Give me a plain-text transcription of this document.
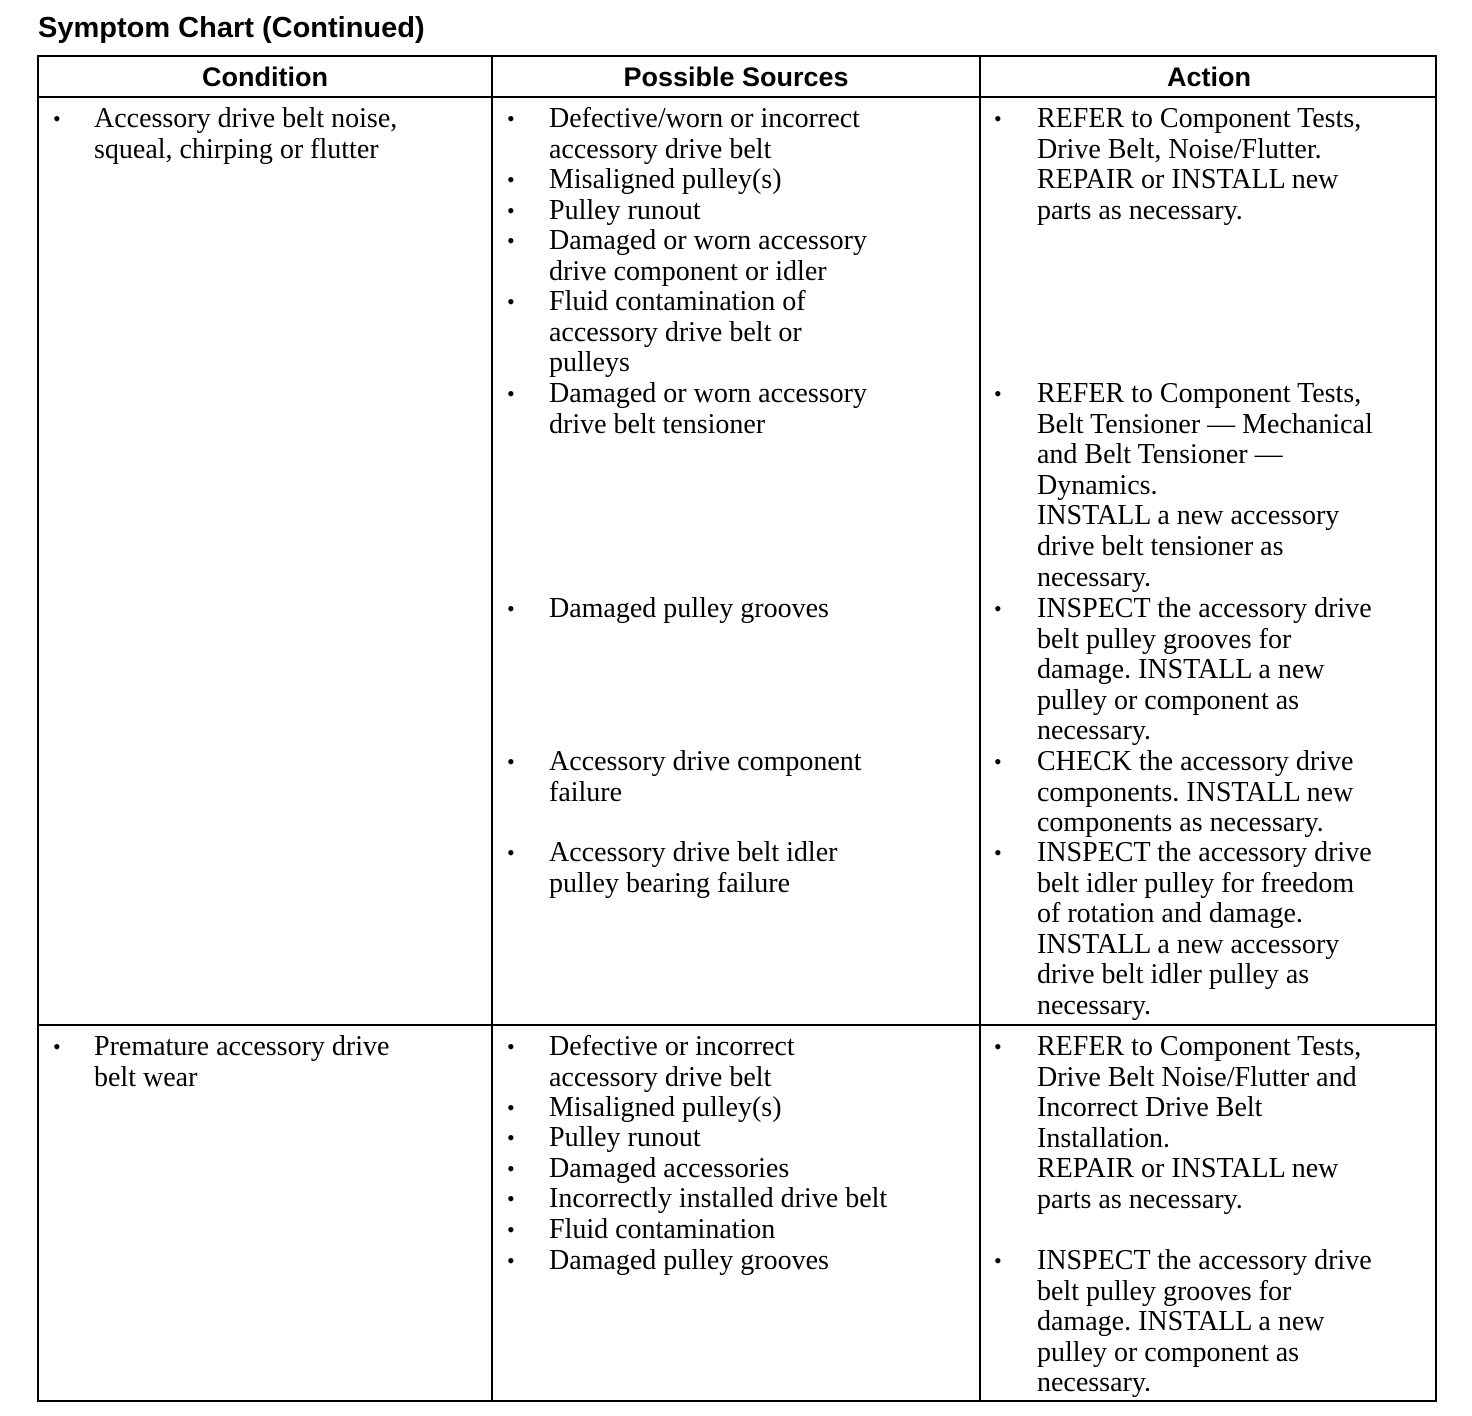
Symptom Chart (Continued)
Condition	Possible Sources	Action
• Accessory drive belt noise,
squeal, chirping or flutter
• Defective/worn or incorrect
accessory drive belt
• Misaligned pulley(s)
• Pulley runout
• Damaged or worn accessory
drive component or idler
• Fluid contamination of
accessory drive belt or
pulleys
• Damaged or worn accessory
drive belt tensioner
• Damaged pulley grooves
• Accessory drive component
failure
• Accessory drive belt idler
pulley bearing failure
• REFER to Component Tests,
Drive Belt, Noise/Flutter.
REPAIR or INSTALL new
parts as necessary.
• REFER to Component Tests,
Belt Tensioner — Mechanical
and Belt Tensioner —
Dynamics.
INSTALL a new accessory
drive belt tensioner as
necessary.
• INSPECT the accessory drive
belt pulley grooves for
damage. INSTALL a new
pulley or component as
necessary.
• CHECK the accessory drive
components. INSTALL new
components as necessary.
• INSPECT the accessory drive
belt idler pulley for freedom
of rotation and damage.
INSTALL a new accessory
drive belt idler pulley as
necessary.
• Premature accessory drive
belt wear
• Defective or incorrect
accessory drive belt
• Misaligned pulley(s)
• Pulley runout
• Damaged accessories
• Incorrectly installed drive belt
• Fluid contamination
• Damaged pulley grooves
• REFER to Component Tests,
Drive Belt Noise/Flutter and
Incorrect Drive Belt
Installation.
REPAIR or INSTALL new
parts as necessary.
• INSPECT the accessory drive
belt pulley grooves for
damage. INSTALL a new
pulley or component as
necessary.
